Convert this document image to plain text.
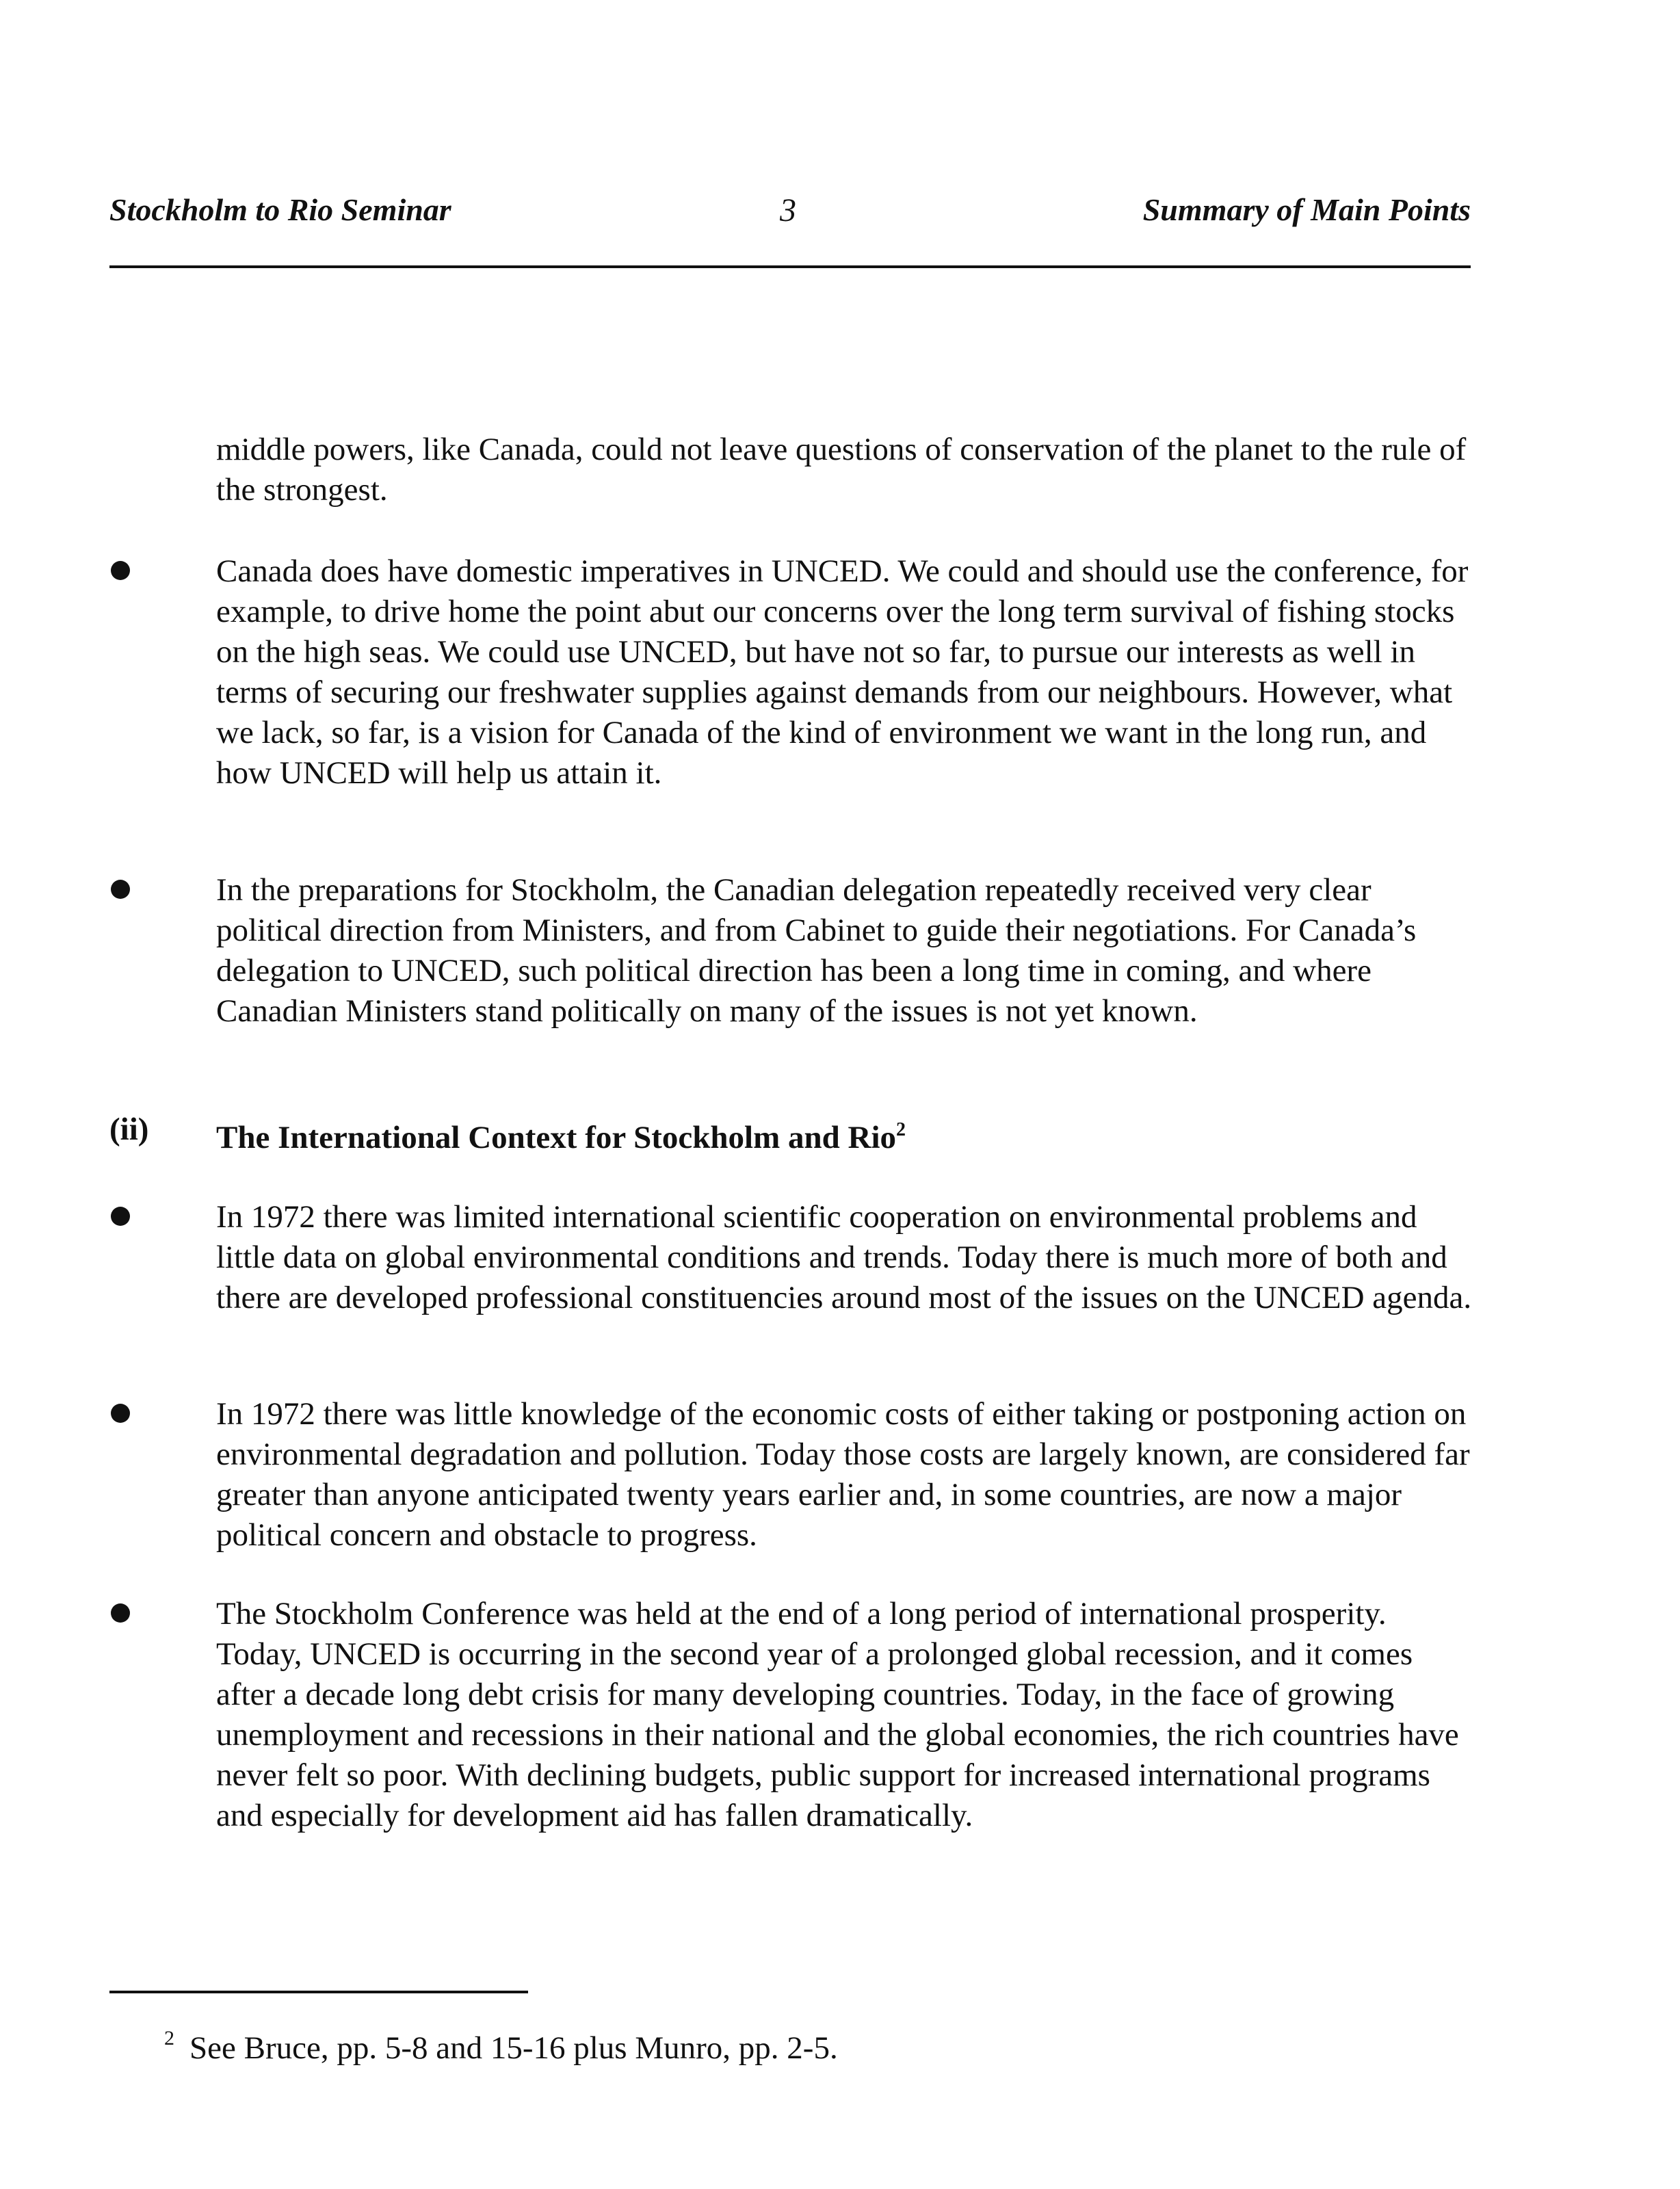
Stockholm to Rio Seminar	3	Summary of Main Points

middle powers, like Canada, could not leave questions of conservation of the planet to the rule of the strongest.

Canada does have domestic imperatives in UNCED. We could and should use the conference, for example, to drive home the point abut our concerns over the long term survival of fishing stocks on the high seas. We could use UNCED, but have not so far, to pursue our interests as well in terms of securing our freshwater supplies against demands from our neighbours. However, what we lack, so far, is a vision for Canada of the kind of environment we want in the long run, and how UNCED will help us attain it.

In the preparations for Stockholm, the Canadian delegation repeatedly received very clear political direction from Ministers, and from Cabinet to guide their negotiations. For Canada’s delegation to UNCED, such political direction has been a long time in coming, and where Canadian Ministers stand politically on many of the issues is not yet known.

(ii) The International Context for Stockholm and Rio$^2$

In 1972 there was limited international scientific cooperation on environmental problems and little data on global environmental conditions and trends. Today there is much more of both and there are developed professional constituencies around most of the issues on the UNCED agenda.

In 1972 there was little knowledge of the economic costs of either taking or postponing action on environmental degradation and pollution. Today those costs are largely known, are considered far greater than anyone anticipated twenty years earlier and, in some countries, are now a major political concern and obstacle to progress.

The Stockholm Conference was held at the end of a long period of international prosperity. Today, UNCED is occurring in the second year of a prolonged global recession, and it comes after a decade long debt crisis for many developing countries. Today, in the face of growing unemployment and recessions in their national and the global economies, the rich countries have never felt so poor. With declining budgets, public support for increased international programs and especially for development aid has fallen dramatically.

$^2$ See Bruce, pp. 5-8 and 15-16 plus Munro, pp. 2-5.
